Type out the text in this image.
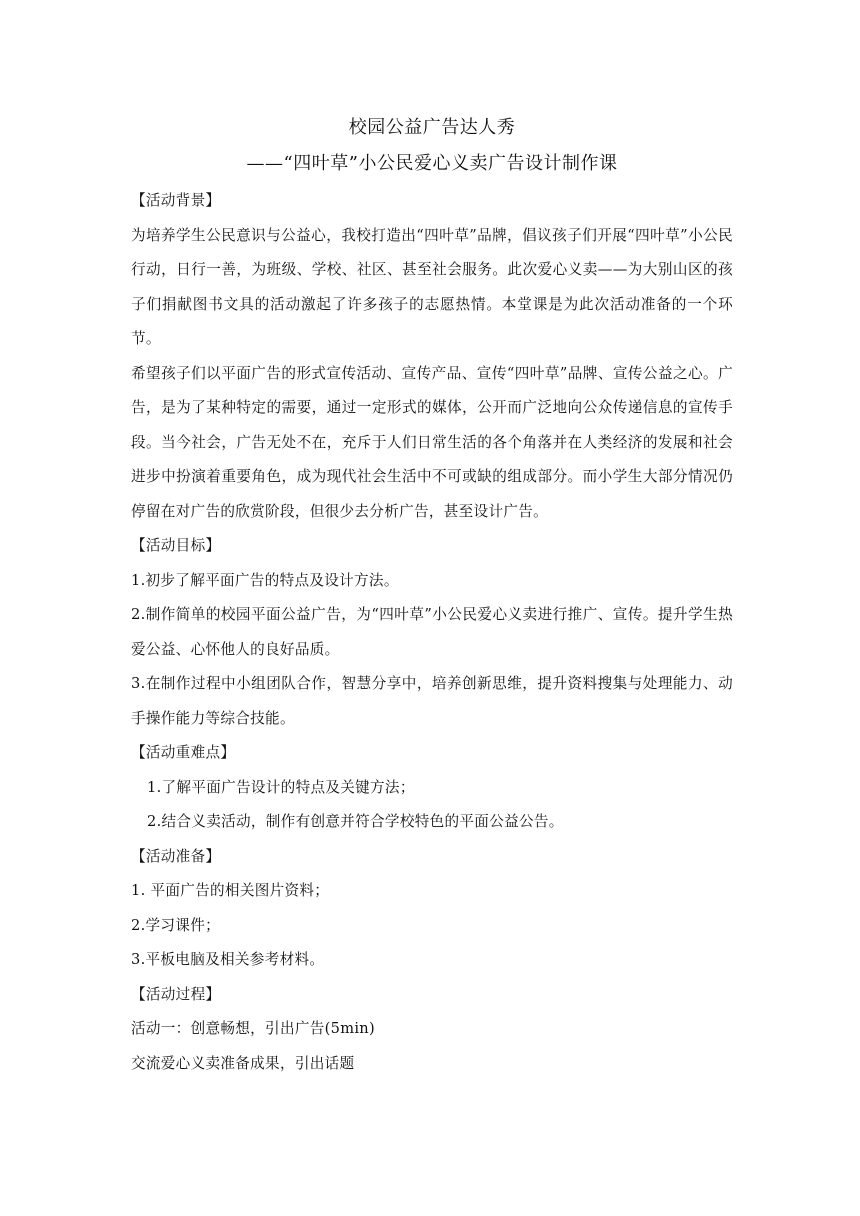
校园公益广告达人秀
——“四叶草”小公民爱心义卖广告设计制作课
【活动背景】

为培养学生公民意识与公益心，我校打造出“四叶草”品牌，倡议孩子们开展“四叶草”小公民行动，日行一善，为班级、学校、社区、甚至社会服务。此次爱心义卖——为大别山区的孩子们捐献图书文具的活动激起了许多孩子的志愿热情。本堂课是为此次活动准备的一个环节。

希望孩子们以平面广告的形式宣传活动、宣传产品、宣传“四叶草”品牌、宣传公益之心。广告，是为了某种特定的需要，通过一定形式的媒体，公开而广泛地向公众传递信息的宣传手段。当今社会，广告无处不在，充斥于人们日常生活的各个角落并在人类经济的发展和社会进步中扮演着重要角色，成为现代社会生活中不可或缺的组成部分。而小学生大部分情况仍停留在对广告的欣赏阶段，但很少去分析广告，甚至设计广告。

【活动目标】

1.初步了解平面广告的特点及设计方法。

2.制作简单的校园平面公益广告，为“四叶草”小公民爱心义卖进行推广、宣传。提升学生热爱公益、心怀他人的良好品质。

3.在制作过程中小组团队合作，智慧分享中，培养创新思维，提升资料搜集与处理能力、动手操作能力等综合技能。

【活动重难点】

1.了解平面广告设计的特点及关键方法；

2.结合义卖活动，制作有创意并符合学校特色的平面公益公告。

【活动准备】

1. 平面广告的相关图片资料；

2.学习课件；

3.平板电脑及相关参考材料。

【活动过程】

活动一：创意畅想，引出广告(5min)

交流爱心义卖准备成果，引出话题
